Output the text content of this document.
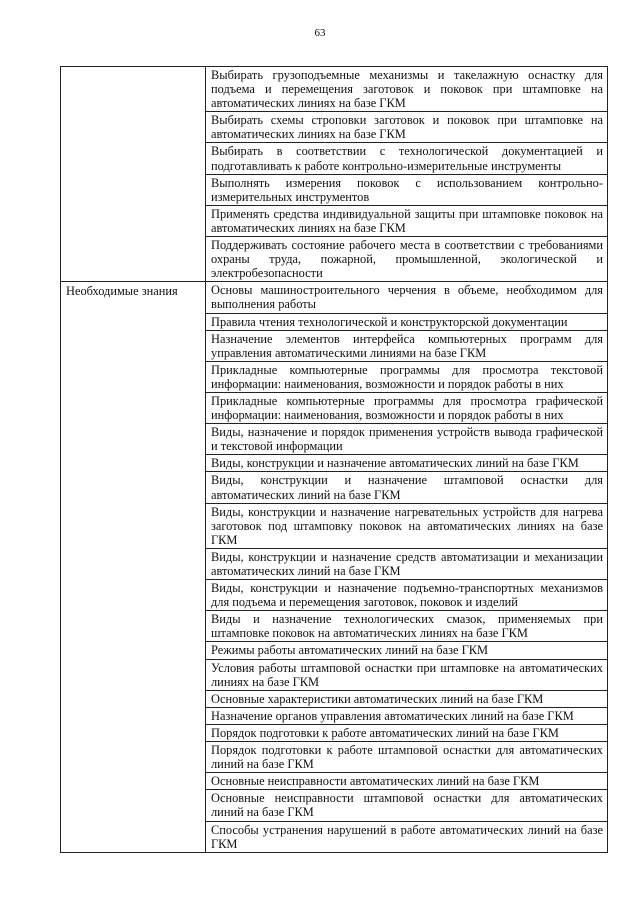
63
	Выбирать грузоподъемные механизмы и такелажную оснастку для подъема и перемещения заготовок и поковок при штамповке на автоматических линиях на базе ГКМ
	Выбирать схемы строповки заготовок и поковок при штамповке на автоматических линиях на базе ГКМ
	Выбирать в соответствии с технологической документацией и подготавливать к работе контрольно-измерительные инструменты
	Выполнять измерения поковок с использованием контрольно-измерительных инструментов
	Применять средства индивидуальной защиты при штамповке поковок на автоматических линиях на базе ГКМ
	Поддерживать состояние рабочего места в соответствии с требованиями охраны труда, пожарной, промышленной, экологической и электробезопасности
Необходимые знания	Основы машиностроительного черчения в объеме, необходимом для выполнения работы
	Правила чтения технологической и конструкторской документации
	Назначение элементов интерфейса компьютерных программ для управления автоматическими линиями на базе ГКМ
	Прикладные компьютерные программы для просмотра текстовой информации: наименования, возможности и порядок работы в них
	Прикладные компьютерные программы для просмотра графической информации: наименования, возможности и порядок работы в них
	Виды, назначение и порядок применения устройств вывода графической и текстовой информации
	Виды, конструкции и назначение автоматических линий на базе ГКМ
	Виды, конструкции и назначение штамповой оснастки для автоматических линий на базе ГКМ
	Виды, конструкции и назначение нагревательных устройств для нагрева заготовок под штамповку поковок на автоматических линиях на базе ГКМ
	Виды, конструкции и назначение средств автоматизации и механизации автоматических линий на базе ГКМ
	Виды, конструкции и назначение подъемно-транспортных механизмов для подъема и перемещения заготовок, поковок и изделий
	Виды и назначение технологических смазок, применяемых при штамповке поковок на автоматических линиях на базе ГКМ
	Режимы работы автоматических линий на базе ГКМ
	Условия работы штамповой оснастки при штамповке на автоматических линиях на базе ГКМ
	Основные характеристики автоматических линий на базе ГКМ
	Назначение органов управления автоматических линий на базе ГКМ
	Порядок подготовки к работе автоматических линий на базе ГКМ
	Порядок подготовки к работе штамповой оснастки для автоматических линий на базе ГКМ
	Основные неисправности автоматических линий на базе ГКМ
	Основные неисправности штамповой оснастки для автоматических линий на базе ГКМ
	Способы устранения нарушений в работе автоматических линий на базе ГКМ
